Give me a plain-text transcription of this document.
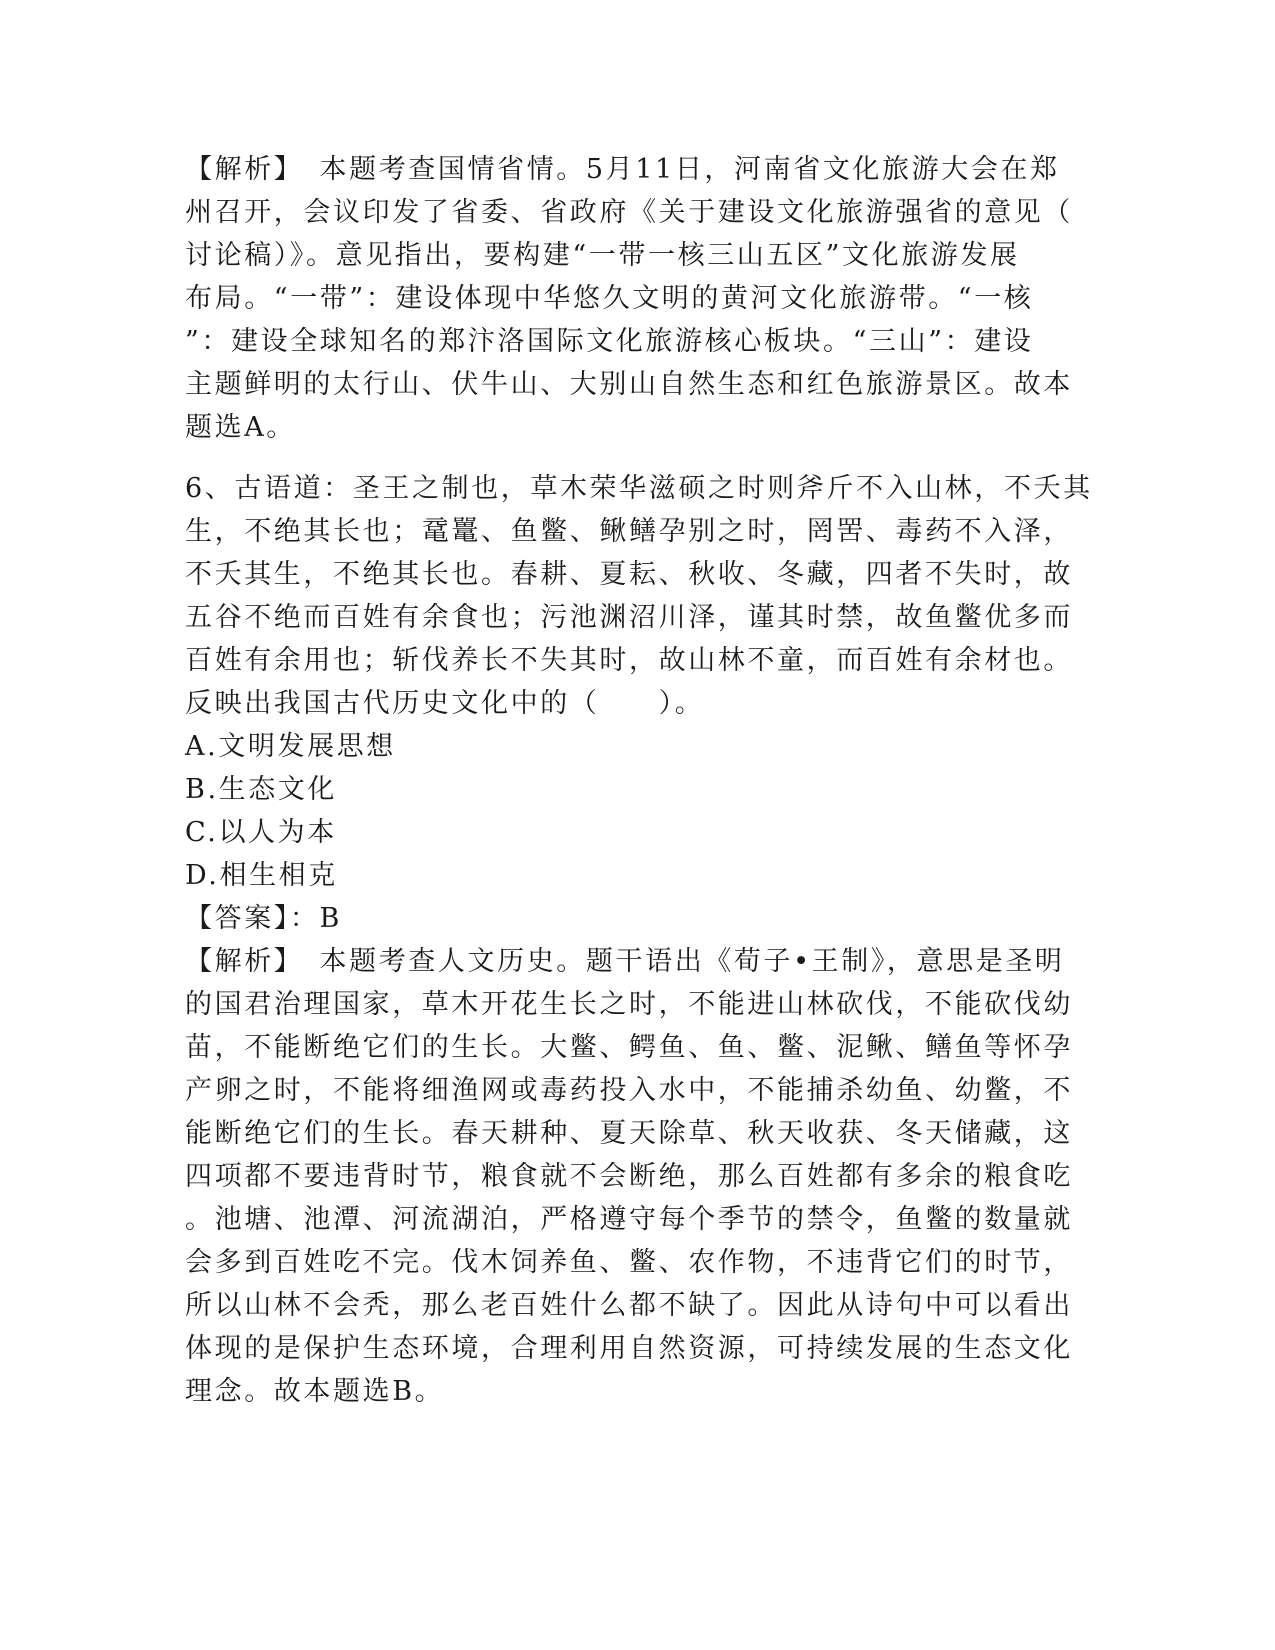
【解析】　本题考查国情省情。5月11日，河南省文化旅游大会在郑
州召开，会议印发了省委、省政府《关于建设文化旅游强省的意见（
讨论稿）》。意见指出，要构建“一带一核三山五区”文化旅游发展
布局。“一带”：建设体现中华悠久文明的黄河文化旅游带。“一核
”：建设全球知名的郑汴洛国际文化旅游核心板块。“三山”：建设
主题鲜明的太行山、伏牛山、大别山自然生态和红色旅游景区。故本
题选A。
6、古语道：圣王之制也，草木荣华滋硕之时则斧斤不入山林，不夭其
生，不绝其长也；鼋鼍、鱼鳖、鳅鳝孕别之时，罔罟、毒药不入泽，
不夭其生，不绝其长也。春耕、夏耘、秋收、冬藏，四者不失时，故
五谷不绝而百姓有余食也；污池渊沼川泽，谨其时禁，故鱼鳖优多而
百姓有余用也；斩伐养长不失其时，故山林不童，而百姓有余材也。
反映出我国古代历史文化中的（　　）。
A.文明发展思想
B.生态文化
C.以人为本
D.相生相克
【答案】：B
【解析】　本题考查人文历史。题干语出《荀子•王制》，意思是圣明
的国君治理国家，草木开花生长之时，不能进山林砍伐，不能砍伐幼
苗，不能断绝它们的生长。大鳖、鳄鱼、鱼、鳖、泥鳅、鳝鱼等怀孕
产卵之时，不能将细渔网或毒药投入水中，不能捕杀幼鱼、幼鳖，不
能断绝它们的生长。春天耕种、夏天除草、秋天收获、冬天储藏，这
四项都不要违背时节，粮食就不会断绝，那么百姓都有多余的粮食吃
。池塘、池潭、河流湖泊，严格遵守每个季节的禁令，鱼鳖的数量就
会多到百姓吃不完。伐木饲养鱼、鳖、农作物，不违背它们的时节，
所以山林不会秃，那么老百姓什么都不缺了。因此从诗句中可以看出
体现的是保护生态环境，合理利用自然资源，可持续发展的生态文化
理念。故本题选B。
